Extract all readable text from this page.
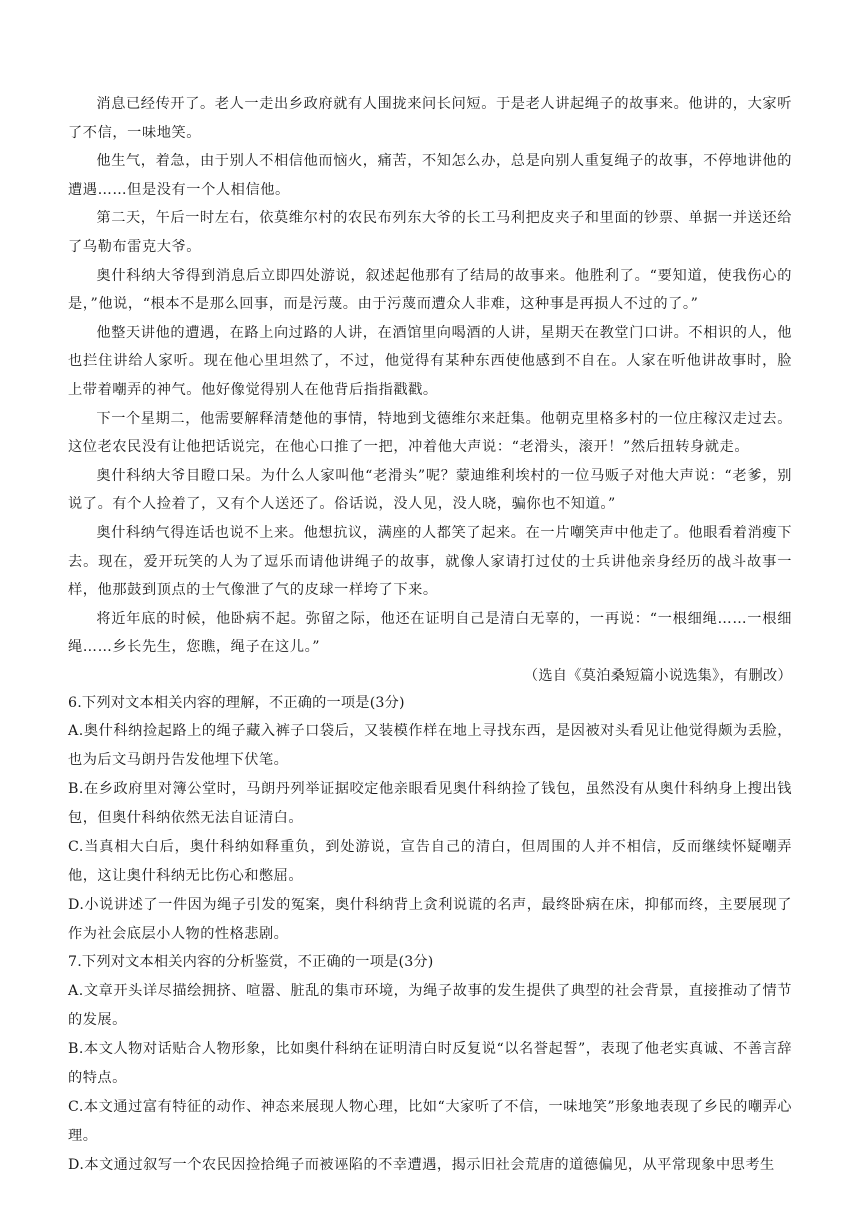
消息已经传开了。老人一走出乡政府就有人围拢来问长问短。于是老人讲起绳子的故事来。他讲的，大家听了不信，一味地笑。

他生气，着急，由于别人不相信他而恼火，痛苦，不知怎么办，总是向别人重复绳子的故事，不停地讲他的遭遇……但是没有一个人相信他。

第二天，午后一时左右，依莫维尔村的农民布列东大爷的长工马利把皮夹子和里面的钞票、单据一并送还给了乌勒布雷克大爷。

奥什科纳大爷得到消息后立即四处游说，叙述起他那有了结局的故事来。他胜利了。“要知道，使我伤心的是，”他说，“根本不是那么回事，而是污蔑。由于污蔑而遭众人非难，这种事是再损人不过的了。”

他整天讲他的遭遇，在路上向过路的人讲，在酒馆里向喝酒的人讲，星期天在教堂门口讲。不相识的人，他也拦住讲给人家听。现在他心里坦然了，不过，他觉得有某种东西使他感到不自在。人家在听他讲故事时，脸上带着嘲弄的神气。他好像觉得别人在他背后指指戳戳。

下一个星期二，他需要解释清楚他的事情，特地到戈德维尔来赶集。他朝克里格多村的一位庄稼汉走过去。这位老农民没有让他把话说完，在他心口推了一把，冲着他大声说：“老滑头，滚开！”然后扭转身就走。

奥什科纳大爷目瞪口呆。为什么人家叫他“老滑头”呢？蒙迪维利埃村的一位马贩子对他大声说：“老爹，别说了。有个人捡着了，又有个人送还了。俗话说，没人见，没人晓，骗你也不知道。”

奥什科纳气得连话也说不上来。他想抗议，满座的人都笑了起来。在一片嘲笑声中他走了。他眼看着消瘦下去。现在，爱开玩笑的人为了逗乐而请他讲绳子的故事，就像人家请打过仗的士兵讲他亲身经历的战斗故事一样，他那鼓到顶点的士气像泄了气的皮球一样垮了下来。

将近年底的时候，他卧病不起。弥留之际，他还在证明自己是清白无辜的，一再说：“一根细绳……一根细绳……乡长先生，您瞧，绳子在这儿。”

（选自《莫泊桑短篇小说选集》，有删改）

6.下列对文本相关内容的理解，不正确的一项是(3分)

A.奥什科纳捡起路上的绳子藏入裤子口袋后，又装模作样在地上寻找东西，是因被对头看见让他觉得颇为丢脸，也为后文马朗丹告发他埋下伏笔。

B.在乡政府里对簿公堂时，马朗丹列举证据咬定他亲眼看见奥什科纳捡了钱包，虽然没有从奥什科纳身上搜出钱包，但奥什科纳依然无法自证清白。

C.当真相大白后，奥什科纳如释重负，到处游说，宣告自己的清白，但周围的人并不相信，反而继续怀疑嘲弄他，这让奥什科纳无比伤心和憋屈。

D.小说讲述了一件因为绳子引发的冤案，奥什科纳背上贪利说谎的名声，最终卧病在床，抑郁而终，主要展现了作为社会底层小人物的性格悲剧。

7.下列对文本相关内容的分析鉴赏，不正确的一项是(3分)

A.文章开头详尽描绘拥挤、喧嚣、脏乱的集市环境，为绳子故事的发生提供了典型的社会背景，直接推动了情节的发展。

B.本文人物对话贴合人物形象，比如奥什科纳在证明清白时反复说“以名誉起誓”，表现了他老实真诚、不善言辞的特点。

C.本文通过富有特征的动作、神态来展现人物心理，比如“大家听了不信，一味地笑”形象地表现了乡民的嘲弄心理。

D.本文通过叙写一个农民因捡拾绳子而被诬陷的不幸遭遇，揭示旧社会荒唐的道德偏见，从平常现象中思考生
